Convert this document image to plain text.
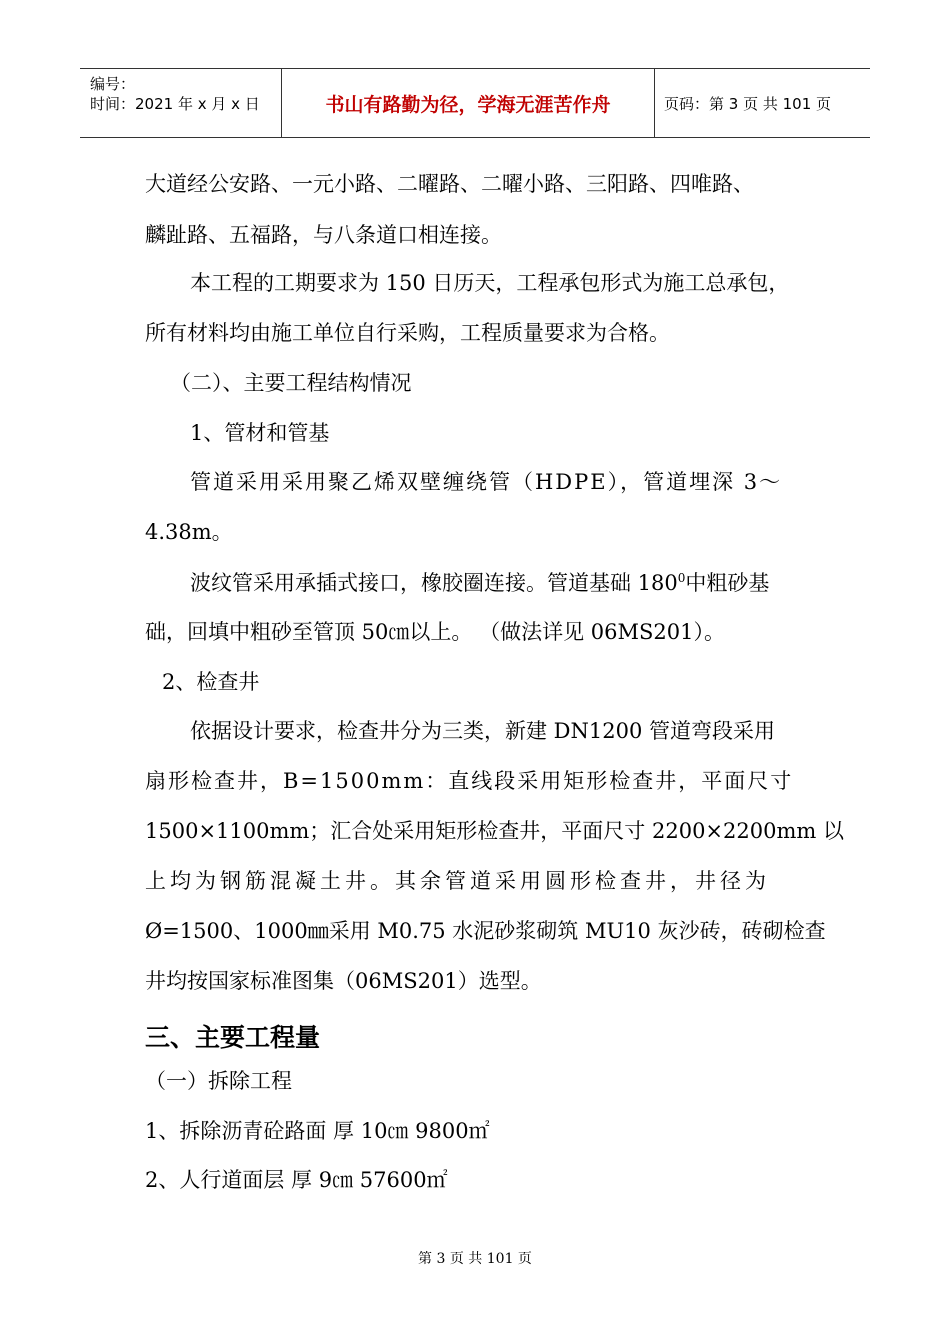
编号：
时间：2021 年 x 月 x 日	书山有路勤为径，学海无涯苦作舟	页码：第 3 页 共 101 页
大道经公安路、一元小路、二曜路、二曜小路、三阳路、四唯路、
麟趾路、五福路，与八条道口相连接。
本工程的工期要求为 150 日历天，工程承包形式为施工总承包，
所有材料均由施工单位自行采购，工程质量要求为合格。
（二）、主要工程结构情况
1、管材和管基
管道采用采用聚乙烯双壁缠绕管（HDPE），管道埋深 3～
4.38m。
波纹管采用承插式接口，橡胶圈连接。管道基础 $180^0$中粗砂基
础，回填中粗砂至管顶 50㎝以上。 （做法详见 06MS201）。
2、检查井
依据设计要求，检查井分为三类，新建 DN1200 管道弯段采用
扇形检查井，B=1500mm：直线段采用矩形检查井，平面尺寸
1500×1100mm；汇合处采用矩形检查井，平面尺寸 2200×2200mm 以
上均为钢筋混凝土井。其余管道采用圆形检查井，井径为
Ø=1500、1000㎜采用 M0.75 水泥砂浆砌筑 MU10 灰沙砖，砖砌检查
井均按国家标准图集（06MS201）选型。
三、主要工程量
（一）拆除工程
1、拆除沥青砼路面 厚 10㎝ 9800㎡
2、人行道面层 厚 9㎝ 57600㎡
第 3 页 共 101 页
